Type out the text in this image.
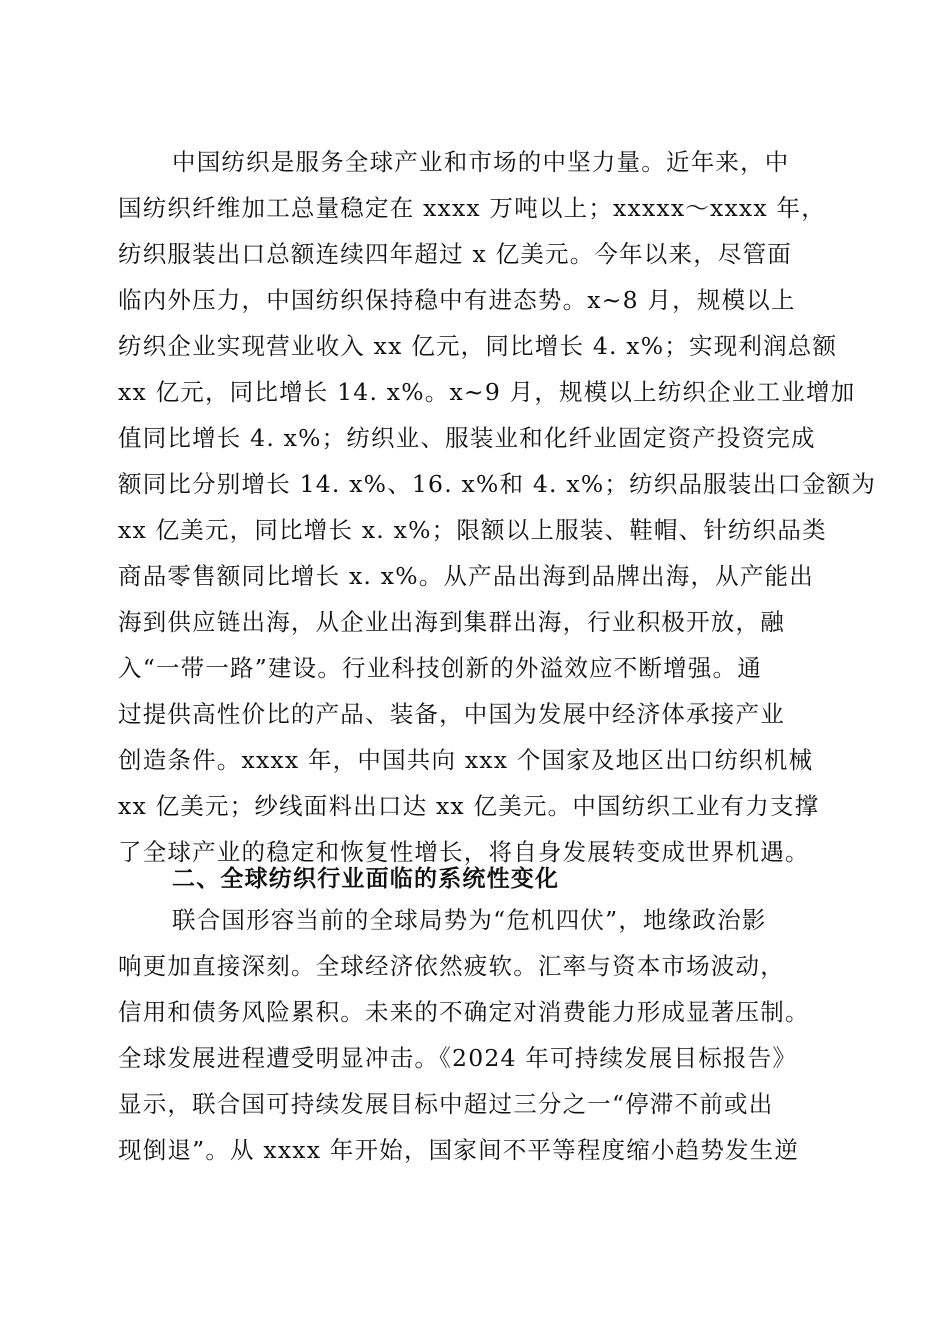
中国纺织是服务全球产业和市场的中坚力量。近年来，中
国纺织纤维加工总量稳定在 xxxx 万吨以上；xxxxx～xxxx 年，
纺织服装出口总额连续四年超过 x 亿美元。今年以来，尽管面
临内外压力，中国纺织保持稳中有进态势。x~8 月，规模以上
纺织企业实现营业收入 xx 亿元，同比增长 4. x%；实现利润总额
xx 亿元，同比增长 14. x%。x~9 月，规模以上纺织企业工业增加
值同比增长 4. x%；纺织业、服装业和化纤业固定资产投资完成
额同比分别增长 14. x%、16. x%和 4. x%；纺织品服装出口金额为
xx 亿美元，同比增长 x. x%；限额以上服装、鞋帽、针纺织品类
商品零售额同比增长 x. x%。从产品出海到品牌出海，从产能出
海到供应链出海，从企业出海到集群出海，行业积极开放，融
入“一带一路”建设。行业科技创新的外溢效应不断增强。通
过提供高性价比的产品、装备，中国为发展中经济体承接产业
创造条件。xxxx 年，中国共向 xxx 个国家及地区出口纺织机械
xx 亿美元；纱线面料出口达 xx 亿美元。中国纺织工业有力支撑
了全球产业的稳定和恢复性增长，将自身发展转变成世界机遇。
二、全球纺织行业面临的系统性变化
联合国形容当前的全球局势为“危机四伏”，地缘政治影
响更加直接深刻。全球经济依然疲软。汇率与资本市场波动，
信用和债务风险累积。未来的不确定对消费能力形成显著压制。
全球发展进程遭受明显冲击。《2024 年可持续发展目标报告》
显示，联合国可持续发展目标中超过三分之一“停滞不前或出
现倒退”。从 xxxx 年开始，国家间不平等程度缩小趋势发生逆
